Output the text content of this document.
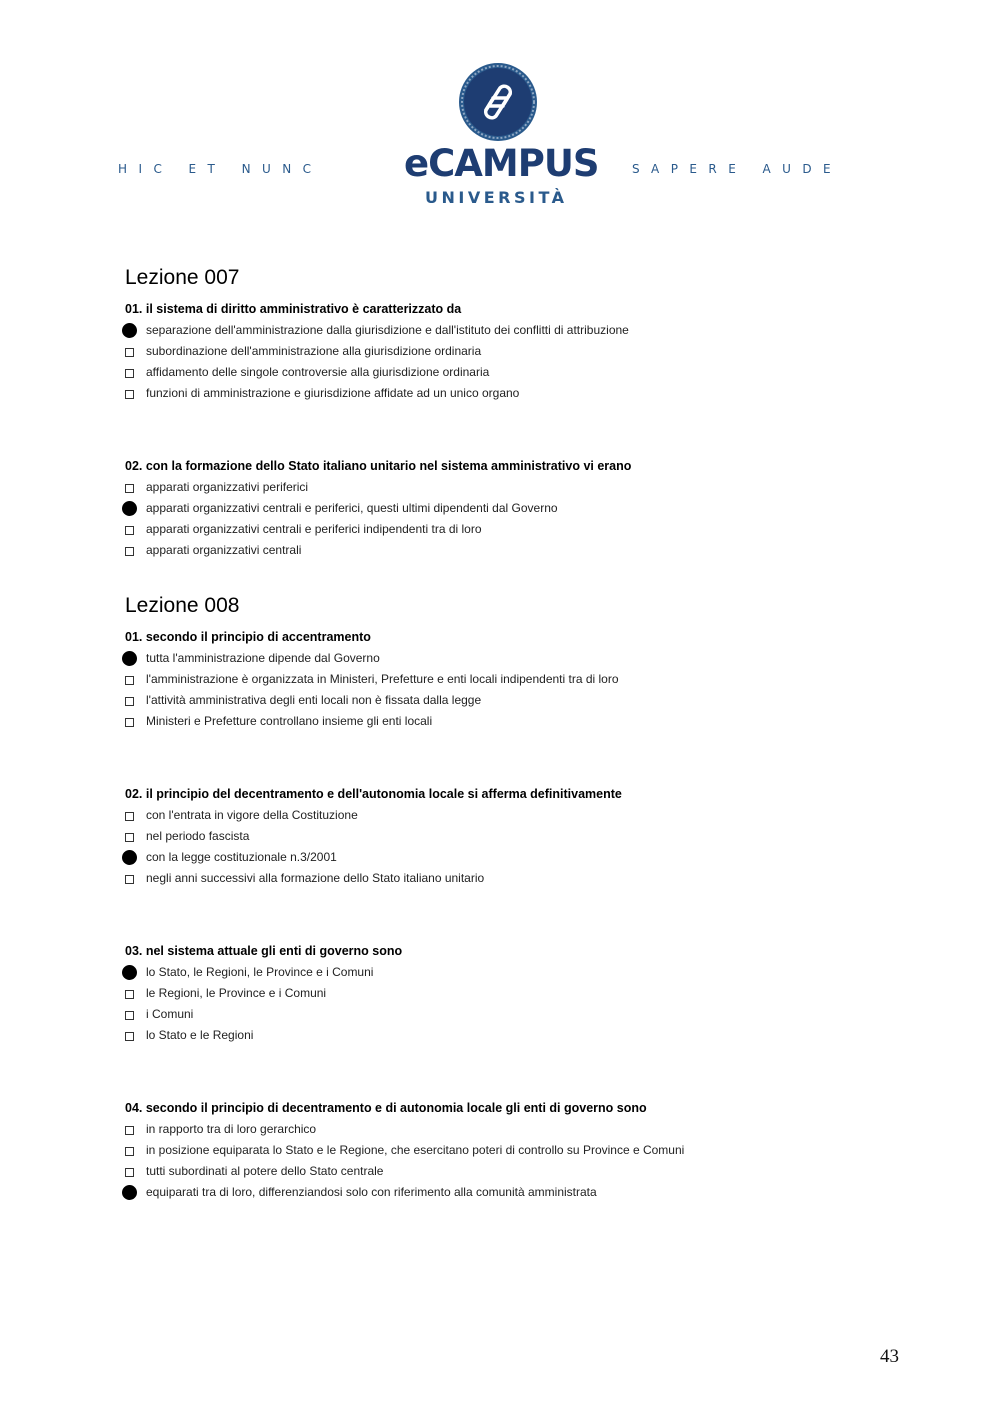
H   I   C       E   T       N   U   N   C	eCAMPUS
UNIVERSITÀ
S   A   P   E   R   E       A   U   D   E
Lezione 007
01. il sistema di diritto amministrativo è caratterizzato da
separazione dell'amministrazione dalla giurisdizione e dall'istituto dei conflitti di attribuzione
subordinazione dell'amministrazione alla giurisdizione ordinaria
affidamento delle singole controversie alla giurisdizione ordinaria
funzioni di amministrazione e giurisdizione affidate ad un unico organo
02. con la formazione dello Stato italiano unitario nel sistema amministrativo vi erano
apparati organizzativi periferici
apparati organizzativi centrali e periferici, questi ultimi dipendenti dal Governo
apparati organizzativi centrali e periferici indipendenti tra di loro
apparati organizzativi centrali
Lezione 008
01. secondo il principio di accentramento
tutta l'amministrazione dipende dal Governo
l'amministrazione è organizzata in Ministeri, Prefetture e enti locali indipendenti tra di loro
l'attività amministrativa degli enti locali non è fissata dalla legge
Ministeri e Prefetture controllano insieme gli enti locali
02. il principio del decentramento e dell'autonomia locale si afferma definitivamente
con l'entrata in vigore della Costituzione
nel periodo fascista
con la legge costituzionale n.3/2001
negli anni successivi alla formazione dello Stato italiano unitario
03. nel sistema attuale gli enti di governo sono
lo Stato, le Regioni, le Province e i Comuni
le Regioni, le Province e i Comuni
i Comuni
lo Stato e le Regioni
04. secondo il principio di decentramento e di autonomia locale gli enti di governo sono
in rapporto tra di loro gerarchico
in posizione equiparata lo Stato e le Regione, che esercitano poteri di controllo su Province e Comuni
tutti subordinati al potere dello Stato centrale
equiparati tra di loro, differenziandosi solo con riferimento alla comunità amministrata
43
